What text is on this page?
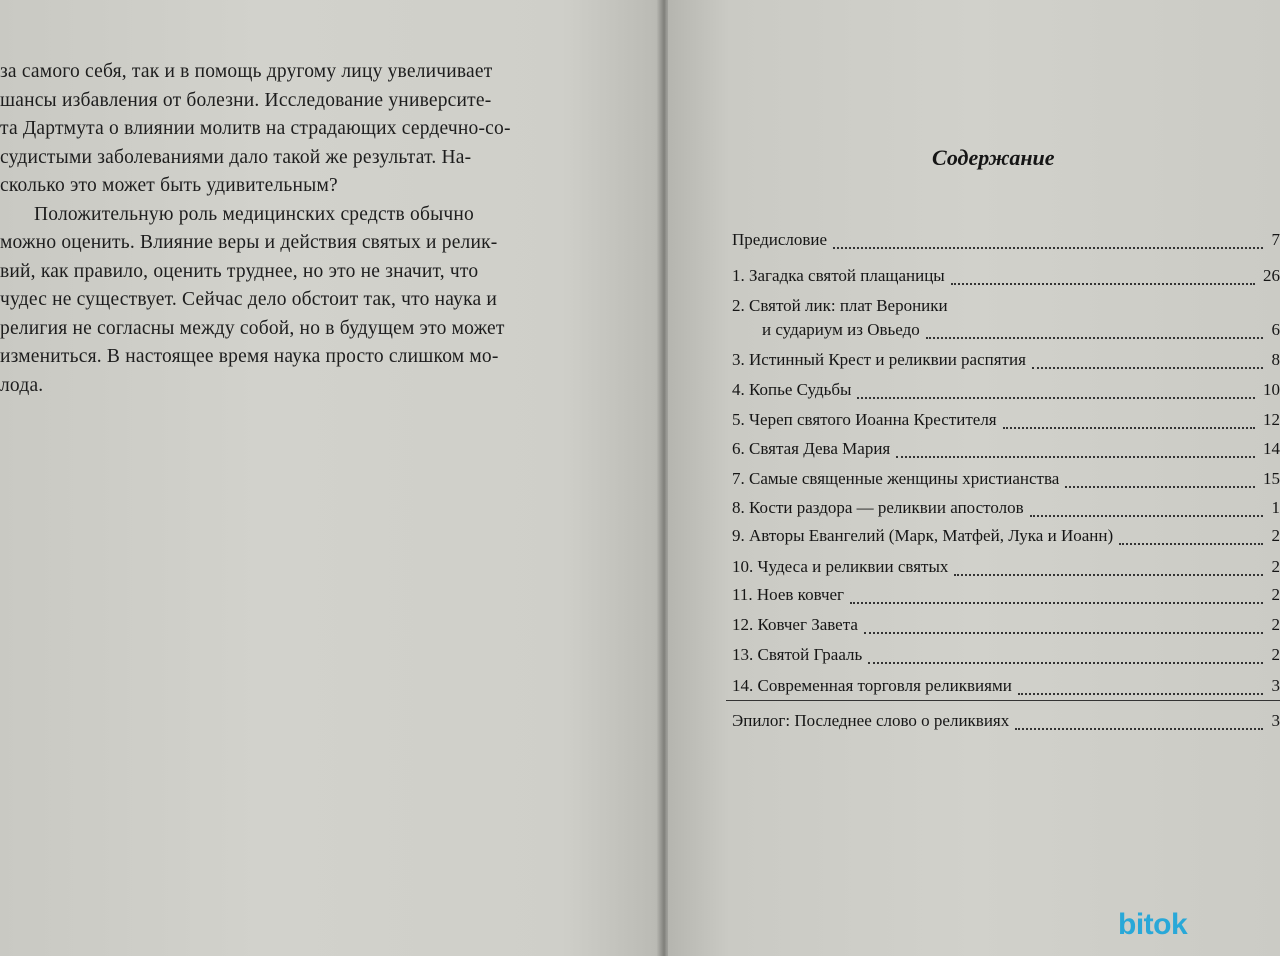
за самого себя, так и в помощь другому лицу увеличивает
шансы избавления от болезни. Исследование университе-
та Дартмута о влиянии молитв на страдающих сердечно-со-
судистыми заболеваниями дало такой же результат. На-
сколько это может быть удивительным?
Положительную роль медицинских средств обычно
можно оценить. Влияние веры и действия святых и релик-
вий, как правило, оценить труднее, но это не значит, что
чудес не существует. Сейчас дело обстоит так, что наука и
религия не согласны между собой, но в будущем это может
измениться. В настоящее время наука просто слишком мо-
лода.
Содержание
Предисловие	7
1. Загадка святой плащаницы	26
2. Святой лик: плат Вероники
и судариум из Овьедо	6
3. Истинный Крест и реликвии распятия	8
4. Копье Судьбы	10
5. Череп святого Иоанна Крестителя	12
6. Святая Дева Мария	14
7. Самые священные женщины христианства	15
8. Кости раздора — реликвии апостолов	1
9. Авторы Евангелий (Марк, Матфей, Лука и Иоанн)	2
10. Чудеса и реликвии святых	2
11. Ноев ковчег	2
12. Ковчег Завета	2
13. Святой Грааль	2
14. Современная торговля реликвиями	3
Эпилог: Последнее слово о реликвиях	3
bitok
